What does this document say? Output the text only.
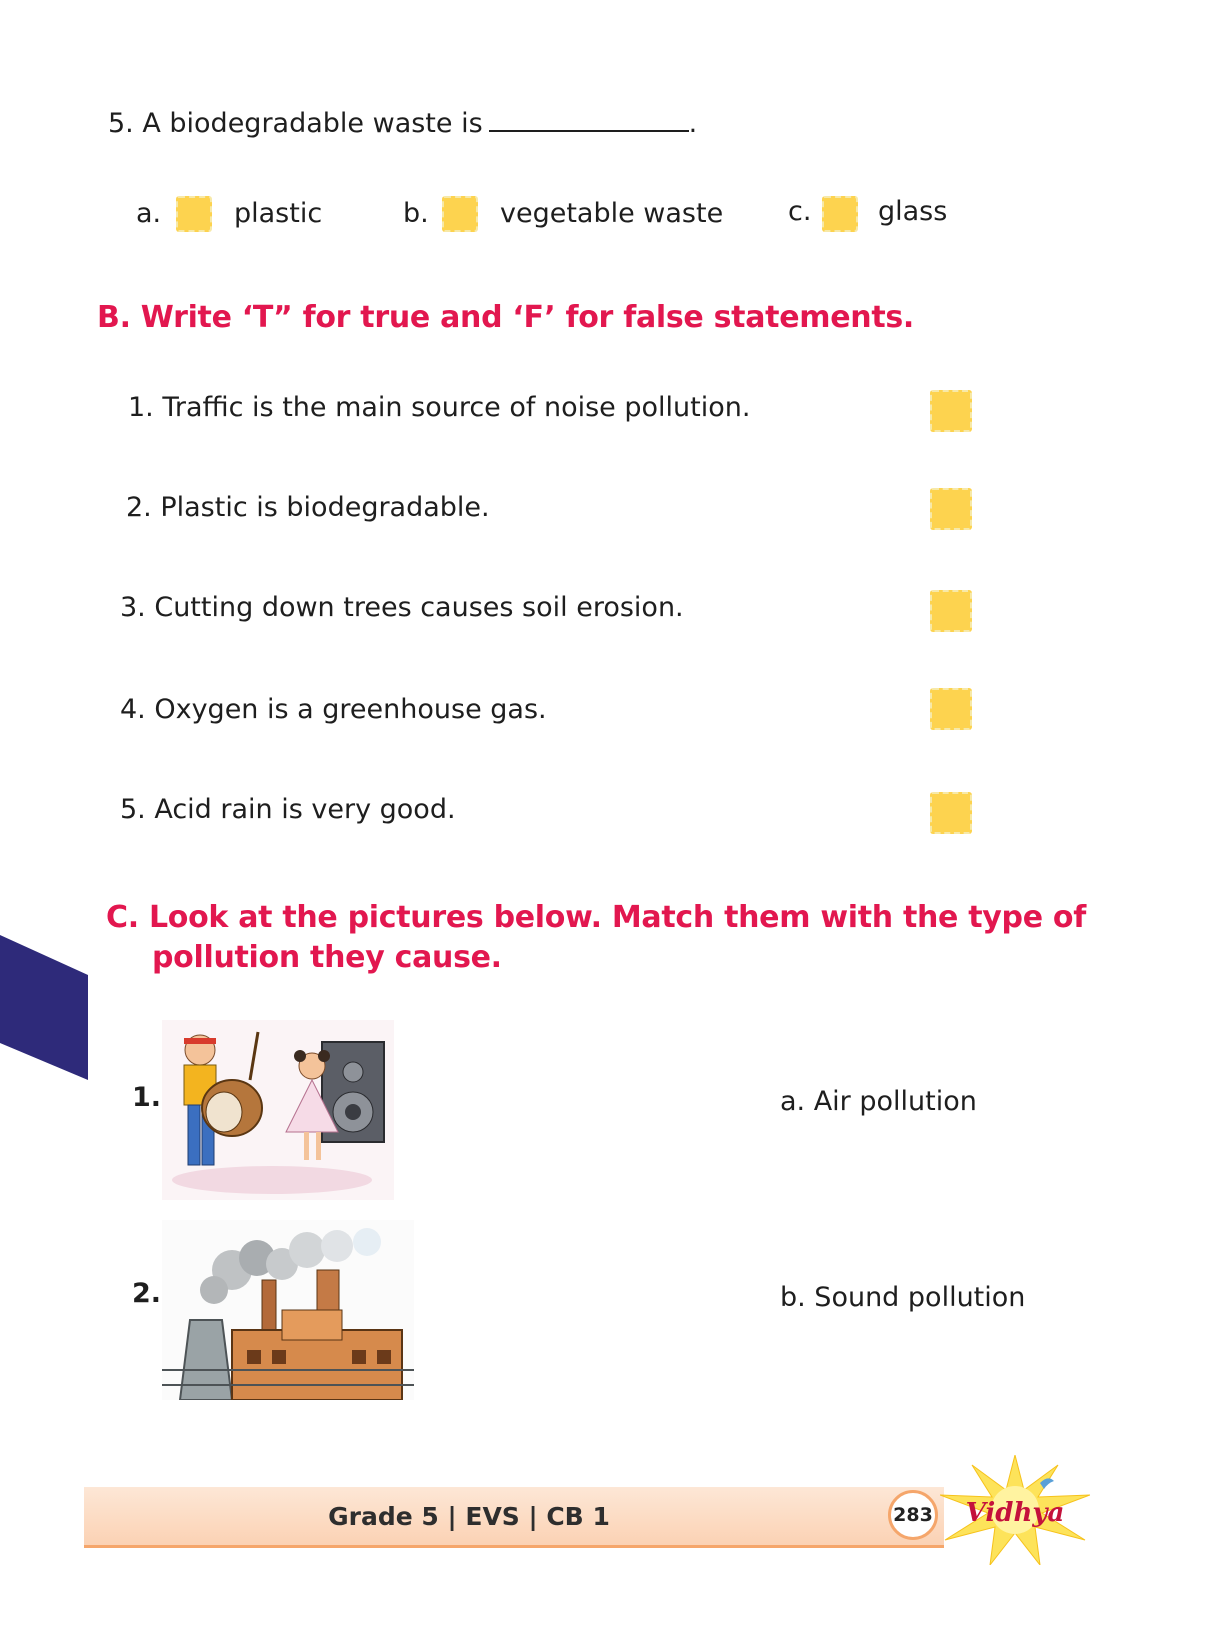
5. A biodegradable waste is	.
a.	plastic	b.	vegetable waste c. glass
B. Write ‘T” for true and ‘F’ for false statements.
1. Traffic is the main source of noise pollution.
2. Plastic is biodegradable.
3. Cutting down trees causes soil erosion.
4. Oxygen is a greenhouse gas.
5. Acid rain is very good.
C. Look at the pictures below. Match them with the type of
pollution they cause.
1.	a. Air pollution
2.	b. Sound pollution
Grade 5 | EVS | CB 1	283 Vidhya
